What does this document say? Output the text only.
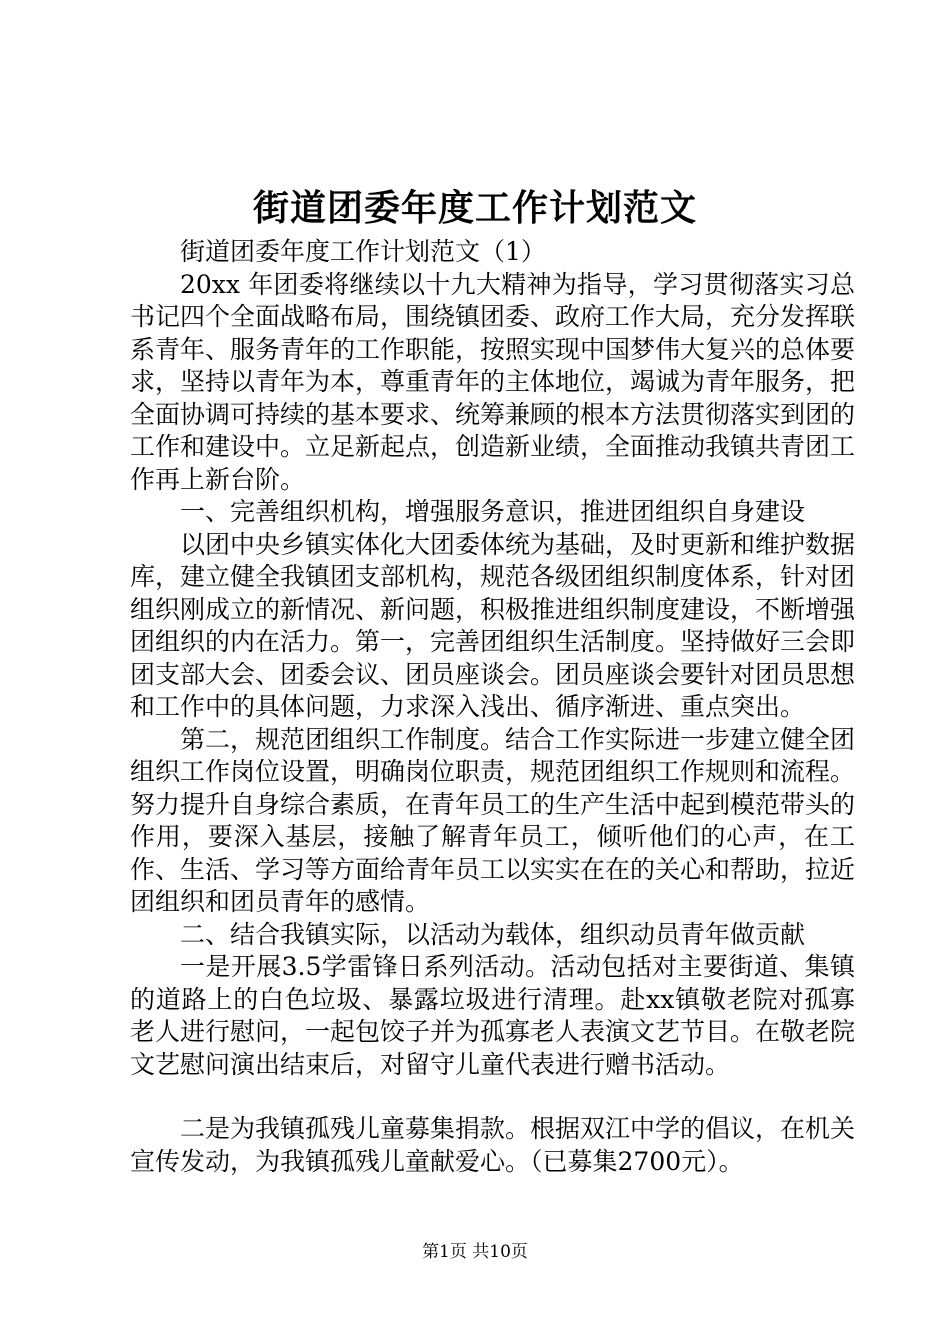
街道团委年度工作计划范文

街道团委年度工作计划范文（1）

20xx 年团委将继续以十九大精神为指导，学习贯彻落实习总书记四个全面战略布局，围绕镇团委、政府工作大局，充分发挥联系青年、服务青年的工作职能，按照实现中国梦伟大复兴的总体要求，坚持以青年为本，尊重青年的主体地位，竭诚为青年服务，把全面协调可持续的基本要求、统筹兼顾的根本方法贯彻落实到团的工作和建设中。立足新起点，创造新业绩，全面推动我镇共青团工作再上新台阶。

一、完善组织机构，增强服务意识，推进团组织自身建设

以团中央乡镇实体化大团委体统为基础，及时更新和维护数据库，建立健全我镇团支部机构，规范各级团组织制度体系，针对团组织刚成立的新情况、新问题，积极推进组织制度建设，不断增强团组织的内在活力。第一，完善团组织生活制度。坚持做好三会即团支部大会、团委会议、团员座谈会。团员座谈会要针对团员思想和工作中的具体问题，力求深入浅出、循序渐进、重点突出。

第二，规范团组织工作制度。结合工作实际进一步建立健全团组织工作岗位设置，明确岗位职责，规范团组织工作规则和流程。努力提升自身综合素质，在青年员工的生产生活中起到模范带头的作用，要深入基层，接触了解青年员工，倾听他们的心声，在工作、生活、学习等方面给青年员工以实实在在的关心和帮助，拉近团组织和团员青年的感情。

二、结合我镇实际，以活动为载体，组织动员青年做贡献

一是开展3.5学雷锋日系列活动。活动包括对主要街道、集镇的道路上的白色垃圾、暴露垃圾进行清理。赴xx镇敬老院对孤寡老人进行慰问，一起包饺子并为孤寡老人表演文艺节目。在敬老院文艺慰问演出结束后，对留守儿童代表进行赠书活动。

二是为我镇孤残儿童募集捐款。根据双江中学的倡议，在机关宣传发动，为我镇孤残儿童献爱心。（已募集2700元）。

第1页 共10页
